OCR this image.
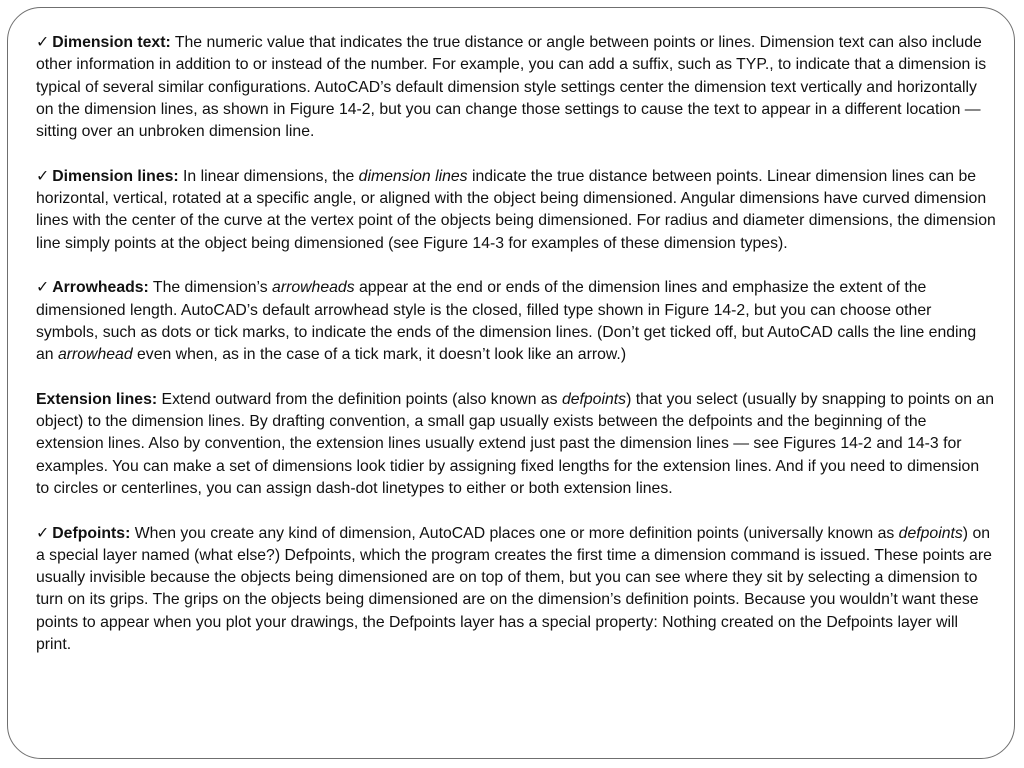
✓ Dimension text: The numeric value that indicates the true distance or angle between points or lines. Dimension text can also include other information in addition to or instead of the number. For example, you can add a suffix, such as TYP., to indicate that a dimension is typical of several similar configurations. AutoCAD’s default dimension style settings center the dimension text vertically and horizontally on the dimension lines, as shown in Figure 14-2, but you can change those settings to cause the text to appear in a different location — sitting over an unbroken dimension line.

✓ Dimension lines: In linear dimensions, the dimension lines indicate the true distance between points. Linear dimension lines can be horizontal, vertical, rotated at a specific angle, or aligned with the object being dimensioned. Angular dimensions have curved dimension lines with the center of the curve at the vertex point of the objects being dimensioned. For radius and diameter dimensions, the dimension line simply points at the object being dimensioned (see Figure 14-3 for examples of these dimension types).

✓ Arrowheads: The dimension’s arrowheads appear at the end or ends of the dimension lines and emphasize the extent of the dimensioned length. AutoCAD’s default arrowhead style is the closed, filled type shown in Figure 14-2, but you can choose other symbols, such as dots or tick marks, to indicate the ends of the dimension lines. (Don’t get ticked off, but AutoCAD calls the line ending an arrowhead even when, as in the case of a tick mark, it doesn’t look like an arrow.)

Extension lines: Extend outward from the definition points (also known as defpoints) that you select (usually by snapping to points on an object) to the dimension lines. By drafting convention, a small gap usually exists between the defpoints and the beginning of the extension lines. Also by convention, the extension lines usually extend just past the dimension lines — see Figures 14-2 and 14-3 for examples. You can make a set of dimensions look tidier by assigning fixed lengths for the extension lines. And if you need to dimension to circles or centerlines, you can assign dash-dot linetypes to either or both extension lines.

✓ Defpoints: When you create any kind of dimension, AutoCAD places one or more definition points (universally known as defpoints) on a special layer named (what else?) Defpoints, which the program creates the first time a dimension command is issued. These points are usually invisible because the objects being dimensioned are on top of them, but you can see where they sit by selecting a dimension to turn on its grips. The grips on the objects being dimensioned are on the dimension’s definition points. Because you wouldn’t want these points to appear when you plot your drawings, the Defpoints layer has a special property: Nothing created on the Defpoints layer will print.
